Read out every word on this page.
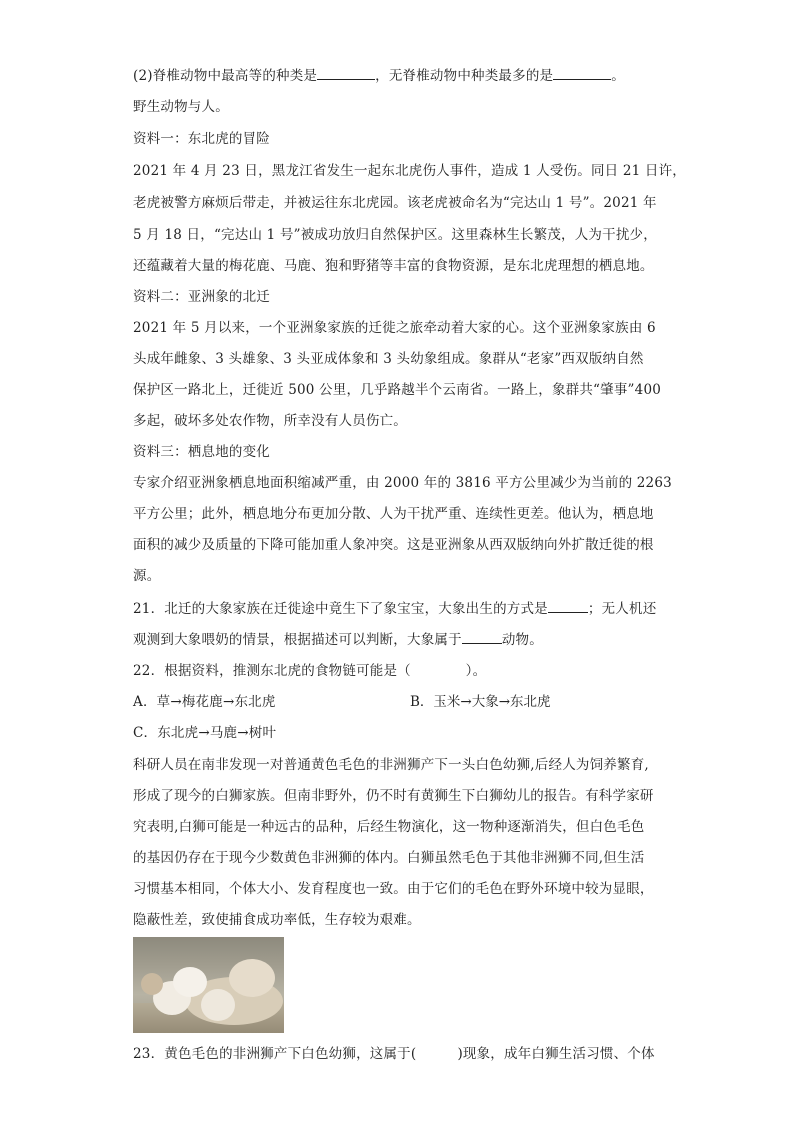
(2)脊椎动物中最高等的种类是	，无脊椎动物中种类最多的是	。
野生动物与人。
资料一：东北虎的冒险
2021 年 4 月 23 日，黑龙江省发生一起东北虎伤人事件，造成 1 人受伤。同日 21 日许，
老虎被警方麻烦后带走，并被运往东北虎园。该老虎被命名为“完达山 1 号”。2021 年
5 月 18 日，“完达山 1 号”被成功放归自然保护区。这里森林生长繁茂，人为干扰少，
还蕴藏着大量的梅花鹿、马鹿、狍和野猪等丰富的食物资源，是东北虎理想的栖息地。
资料二：亚洲象的北迁
2021 年 5 月以来，一个亚洲象家族的迁徙之旅牵动着大家的心。这个亚洲象家族由 6
头成年雌象、3 头雄象、3 头亚成体象和 3 头幼象组成。象群从“老家”西双版纳自然
保护区一路北上，迁徙近 500 公里，几乎路越半个云南省。一路上，象群共“肇事”400
多起，破坏多处农作物，所幸没有人员伤亡。
资料三：栖息地的变化
专家介绍亚洲象栖息地面积缩减严重，由 2000 年的 3816 平方公里减少为当前的 2263
平方公里；此外，栖息地分布更加分散、人为干扰严重、连续性更差。他认为，栖息地
面积的减少及质量的下降可能加重人象冲突。这是亚洲象从西双版纳向外扩散迁徙的根
源。
21．北迁的大象家族在迁徙途中竟生下了象宝宝，大象出生的方式是	；无人机还
观测到大象喂奶的情景，根据描述可以判断，大象属于	动物。
22．根据资料，推测东北虎的食物链可能是（　　　　）。
A．草→梅花鹿→东北虎	B．玉米→大象→东北虎
C．东北虎→马鹿→树叶
科研人员在南非发现一对普通黄色毛色的非洲狮产下一头白色幼狮,后经人为饲养繁育,
形成了现今的白狮家族。但南非野外，仍不时有黄狮生下白狮幼儿的报告。有科学家研
究表明,白狮可能是一种远古的品种，后经生物演化，这一物种逐渐消失，但白色毛色
的基因仍存在于现今少数黄色非洲狮的体内。白狮虽然毛色于其他非洲狮不同,但生活
习惯基本相同，个体大小、发育程度也一致。由于它们的毛色在野外环境中较为显眼，
隐蔽性差，致使捕食成功率低，生存较为艰难。
23．黄色毛色的非洲狮产下白色幼狮，这属于(　　　)现象，成年白狮生活习惯、个体
